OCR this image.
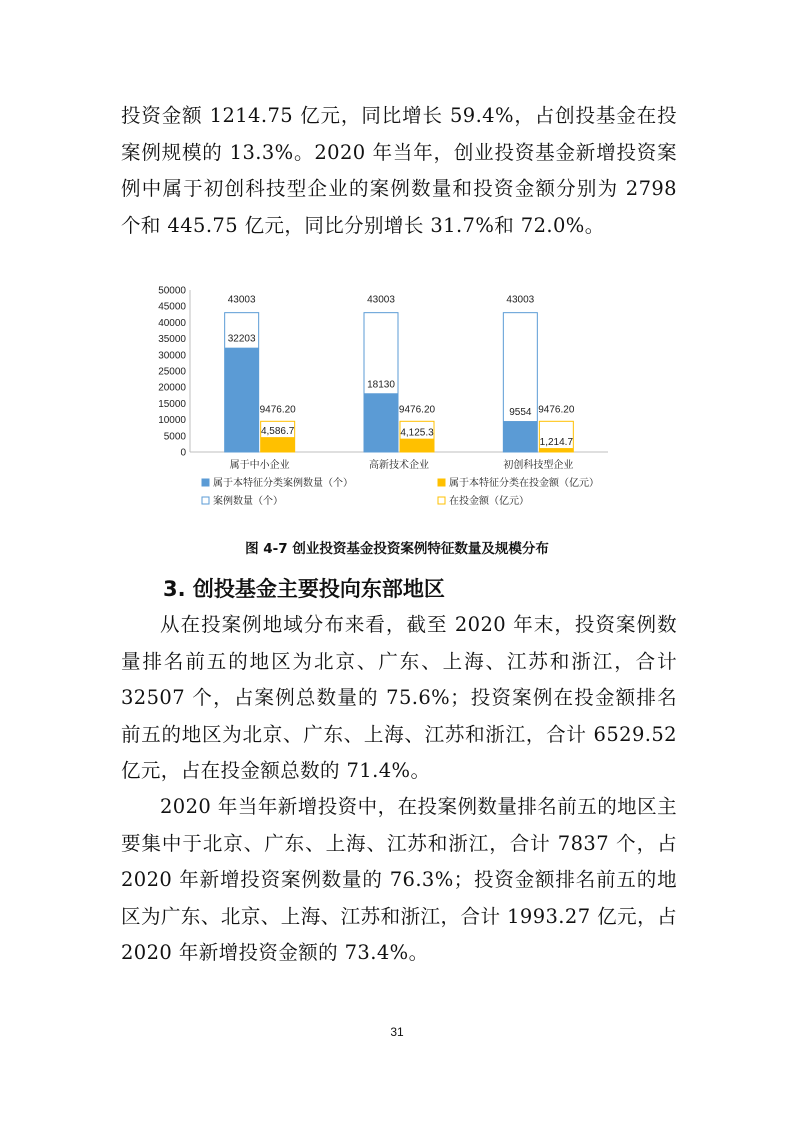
投资金额 1214.75 亿元，同比增长 59.4%，占创投基金在投案例规模的 13.3%。2020 年当年，创业投资基金新增投资案例中属于初创科技型企业的案例数量和投资金额分别为 2798 个和 445.75 亿元，同比分别增长 31.7%和 72.0%。

0
5000
10000
15000
20000
25000
30000
35000
40000
45000
50000
43003
32203
9476.20
4,586.7
属于中小企业
43003
18130
9476.20
4,125.3
高新技术企业
43003
9554 9476.20
1,214.7
初创科技型企业
属于本特征分类案例数量（个）	属于本特征分类在投金额（亿元）
案例数量（个）	在投金额（亿元）

图 4-7 创业投资基金投资案例特征数量及规模分布

3. 创投基金主要投向东部地区

从在投案例地域分布来看，截至 2020 年末，投资案例数量排名前五的地区为北京、广东、上海、江苏和浙江，合计 32507 个，占案例总数量的 75.6%；投资案例在投金额排名前五的地区为北京、广东、上海、江苏和浙江，合计 6529.52 亿元，占在投金额总数的 71.4%。

2020 年当年新增投资中，在投案例数量排名前五的地区主要集中于北京、广东、上海、江苏和浙江，合计 7837 个，占 2020 年新增投资案例数量的 76.3%；投资金额排名前五的地区为广东、北京、上海、江苏和浙江，合计 1993.27 亿元，占 2020 年新增投资金额的 73.4%。

31
